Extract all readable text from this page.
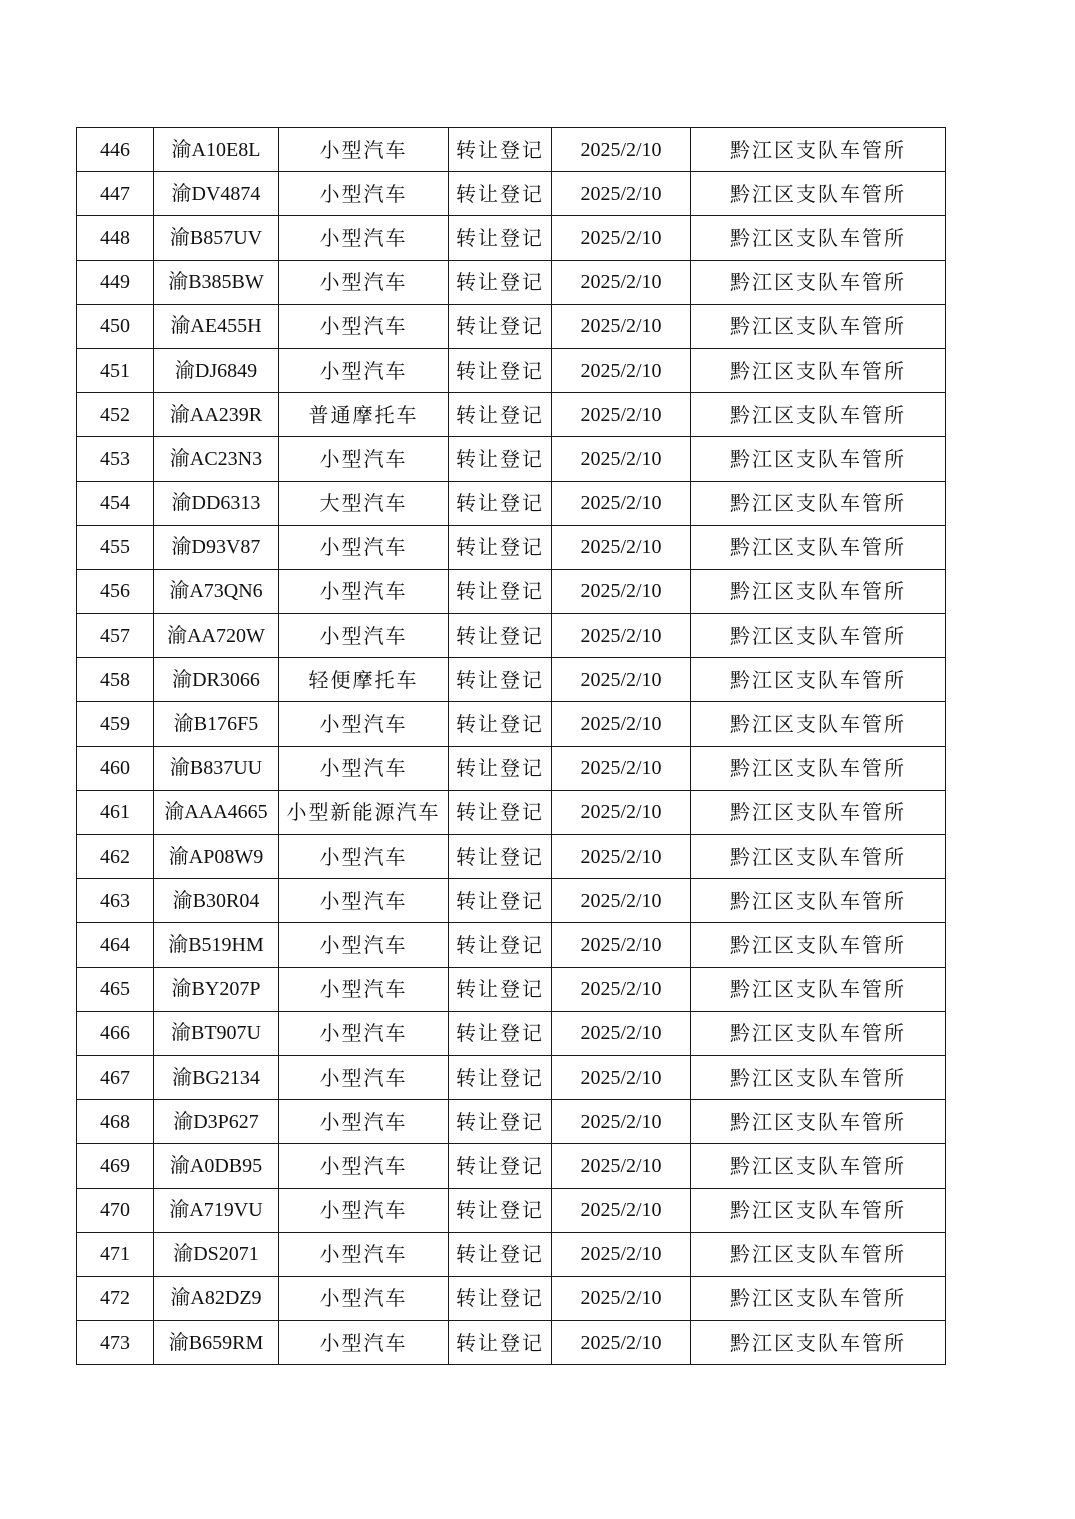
446	渝A10E8L	小型汽车	转让登记	2025/2/10	黔江区支队车管所
447	渝DV4874	小型汽车	转让登记	2025/2/10	黔江区支队车管所
448	渝B857UV	小型汽车	转让登记	2025/2/10	黔江区支队车管所
449	渝B385BW	小型汽车	转让登记	2025/2/10	黔江区支队车管所
450	渝AE455H	小型汽车	转让登记	2025/2/10	黔江区支队车管所
451	渝DJ6849	小型汽车	转让登记	2025/2/10	黔江区支队车管所
452	渝AA239R	普通摩托车	转让登记	2025/2/10	黔江区支队车管所
453	渝AC23N3	小型汽车	转让登记	2025/2/10	黔江区支队车管所
454	渝DD6313	大型汽车	转让登记	2025/2/10	黔江区支队车管所
455	渝D93V87	小型汽车	转让登记	2025/2/10	黔江区支队车管所
456	渝A73QN6	小型汽车	转让登记	2025/2/10	黔江区支队车管所
457	渝AA720W	小型汽车	转让登记	2025/2/10	黔江区支队车管所
458	渝DR3066	轻便摩托车	转让登记	2025/2/10	黔江区支队车管所
459	渝B176F5	小型汽车	转让登记	2025/2/10	黔江区支队车管所
460	渝B837UU	小型汽车	转让登记	2025/2/10	黔江区支队车管所
461	渝AAA4665	小型新能源汽车	转让登记	2025/2/10	黔江区支队车管所
462	渝AP08W9	小型汽车	转让登记	2025/2/10	黔江区支队车管所
463	渝B30R04	小型汽车	转让登记	2025/2/10	黔江区支队车管所
464	渝B519HM	小型汽车	转让登记	2025/2/10	黔江区支队车管所
465	渝BY207P	小型汽车	转让登记	2025/2/10	黔江区支队车管所
466	渝BT907U	小型汽车	转让登记	2025/2/10	黔江区支队车管所
467	渝BG2134	小型汽车	转让登记	2025/2/10	黔江区支队车管所
468	渝D3P627	小型汽车	转让登记	2025/2/10	黔江区支队车管所
469	渝A0DB95	小型汽车	转让登记	2025/2/10	黔江区支队车管所
470	渝A719VU	小型汽车	转让登记	2025/2/10	黔江区支队车管所
471	渝DS2071	小型汽车	转让登记	2025/2/10	黔江区支队车管所
472	渝A82DZ9	小型汽车	转让登记	2025/2/10	黔江区支队车管所
473	渝B659RM	小型汽车	转让登记	2025/2/10	黔江区支队车管所
